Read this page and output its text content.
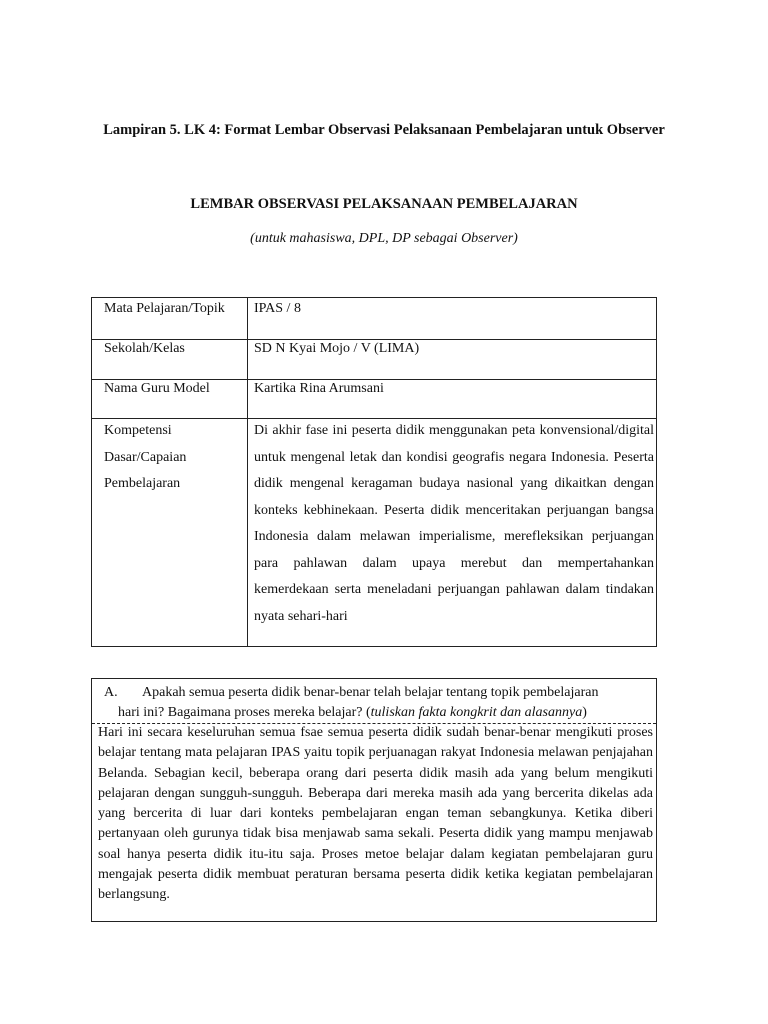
Lampiran 5. LK 4: Format Lembar Observasi Pelaksanaan Pembelajaran untuk Observer
LEMBAR OBSERVASI PELAKSANAAN PEMBELAJARAN
(untuk mahasiswa, DPL, DP sebagai Observer)
Mata Pelajaran/Topik IPAS / 8
Sekolah/Kelas	SD N Kyai Mojo / V (LIMA)
Nama Guru Model	Kartika Rina Arumsani
Kompetensi
Dasar/Capaian
Pembelajaran
Di akhir fase ini peserta didik menggunakan peta konvensional/digital untuk mengenal letak dan kondisi geografis negara Indonesia. Peserta didik mengenal keragaman budaya nasional yang dikaitkan dengan konteks kebhinekaan. Peserta didik menceritakan perjuangan bangsa Indonesia dalam melawan imperialisme, merefleksikan perjuangan para pahlawan dalam upaya merebut dan mempertahankan kemerdekaan serta meneladani perjuangan pahlawan dalam tindakan nyata sehari-hari
A. Apakah semua peserta didik benar-benar telah belajar tentang topik pembelajaran
hari ini? Bagaimana proses mereka belajar? (tuliskan fakta kongkrit dan alasannya)
Hari ini secara keseluruhan semua fsae semua peserta didik sudah benar-benar mengikuti proses belajar tentang mata pelajaran IPAS yaitu topik perjuanagan rakyat Indonesia melawan penjajahan Belanda. Sebagian kecil, beberapa orang dari peserta didik masih ada yang belum mengikuti pelajaran dengan sungguh-sungguh. Beberapa dari mereka masih ada yang bercerita dikelas ada yang bercerita di luar dari konteks pembelajaran engan teman sebangkunya. Ketika diberi pertanyaan oleh gurunya tidak bisa menjawab sama sekali. Peserta didik yang mampu menjawab soal hanya peserta didik itu-itu saja. Proses metoe belajar dalam kegiatan pembelajaran guru mengajak peserta didik membuat peraturan bersama peserta didik ketika kegiatan pembelajaran berlangsung.
